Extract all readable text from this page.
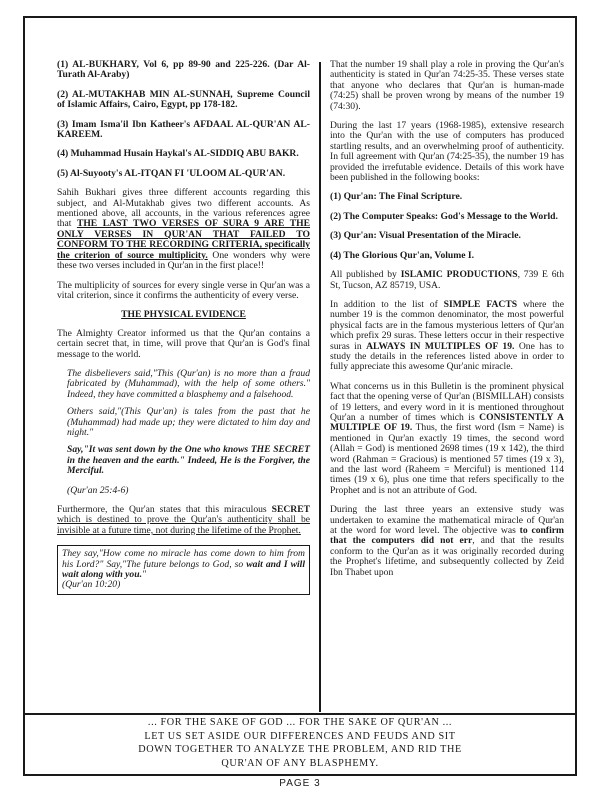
(1) AL-BUKHARY, Vol 6, pp 89-90 and 225-226. (Dar Al-Turath Al-Araby)

(2) AL-MUTAKHAB MIN AL-SUNNAH, Supreme Council of Islamic Affairs, Cairo, Egypt, pp 178-182.

(3) Imam Isma'il Ibn Katheer's AFDAAL AL-QUR'AN AL-KAREEM.

(4) Muhammad Husain Haykal's AL-SIDDIQ ABU BAKR.

(5) Al-Suyooty's AL-ITQAN FI 'ULOOM AL-QUR'AN.

Sahih Bukhari gives three different accounts regarding this subject, and Al-Mutakhab gives two different accounts. As mentioned above, all accounts, in the various references agree that THE LAST TWO VERSES OF SURA 9 ARE THE ONLY VERSES IN QUR'AN THAT FAILED TO CONFORM TO THE RECORDING CRITERIA, specifically the criterion of source multiplicity. One wonders why were these two verses included in Qur'an in the first place!!

The multiplicity of sources for every single verse in Qur'an was a vital criterion, since it confirms the authenticity of every verse.

THE PHYSICAL EVIDENCE

The Almighty Creator informed us that the Qur'an contains a certain secret that, in time, will prove that Qur'an is God's final message to the world.

The disbelievers said,"This (Qur'an) is no more than a fraud fabricated by (Muhammad), with the help of some others." Indeed, they have committed a blasphemy and a falsehood.

Others said,"(This Qur'an) is tales from the past that he (Muhammad) had made up; they were dictated to him day and night."

Say,"It was sent down by the One who knows THE SECRET in the heaven and the earth." Indeed, He is the Forgiver, the Merciful.

(Qur'an 25:4-6)

Furthermore, the Qur'an states that this miraculous SECRET which is destined to prove the Qur'an's authenticity shall be invisible at a future time, not during the lifetime of the Prophet.

They say,"How come no miracle has come down to him from his Lord?" Say,"The future belongs to God, so wait and I will wait along with you."
(Qur'an 10:20)

That the number 19 shall play a role in proving the Qur'an's authenticity is stated in Qur'an 74:25-35. These verses state that anyone who declares that Qur'an is human-made (74:25) shall be proven wrong by means of the number 19 (74:30).

During the last 17 years (1968-1985), extensive research into the Qur'an with the use of computers has produced startling results, and an overwhelming proof of authenticity. In full agreement with Qur'an (74:25-35), the number 19 has provided the irrefutable evidence. Details of this work have been published in the following books:

(1) Qur'an: The Final Scripture.

(2) The Computer Speaks: God's Message to the World.

(3) Qur'an: Visual Presentation of the Miracle.

(4) The Glorious Qur'an, Volume I.

All published by ISLAMIC PRODUCTIONS, 739 E 6th St, Tucson, AZ 85719, USA.

In addition to the list of SIMPLE FACTS where the number 19 is the common denominator, the most powerful physical facts are in the famous mysterious letters of Qur'an which prefix 29 suras. These letters occur in their respective suras in ALWAYS IN MULTIPLES OF 19. One has to study the details in the references listed above in order to fully appreciate this awesome Qur'anic miracle.

What concerns us in this Bulletin is the prominent physical fact that the opening verse of Qur'an (BISMILLAH) consists of 19 letters, and every word in it is mentioned throughout Qur'an a number of times which is CONSISTENTLY A MULTIPLE OF 19. Thus, the first word (Ism = Name) is mentioned in Qur'an exactly 19 times, the second word (Allah = God) is mentioned 2698 times (19 x 142), the third word (Rahman = Gracious) is mentioned 57 times (19 x 3), and the last word (Raheem = Merciful) is mentioned 114 times (19 x 6), plus one time that refers specifically to the Prophet and is not an attribute of God.

During the last three years an extensive study was undertaken to examine the mathematical miracle of Qur'an at the word for word level. The objective was to confirm that the computers did not err, and that the results conform to the Qur'an as it was originally recorded during the Prophet's lifetime, and subsequently collected by Zeid Ibn Thabet upon

... FOR THE SAKE OF GOD ... FOR THE SAKE OF QUR'AN ...
LET US SET ASIDE OUR DIFFERENCES AND FEUDS AND SIT
DOWN TOGETHER TO ANALYZE THE PROBLEM, AND RID THE
QUR'AN OF ANY BLASPHEMY.
PAGE 3
